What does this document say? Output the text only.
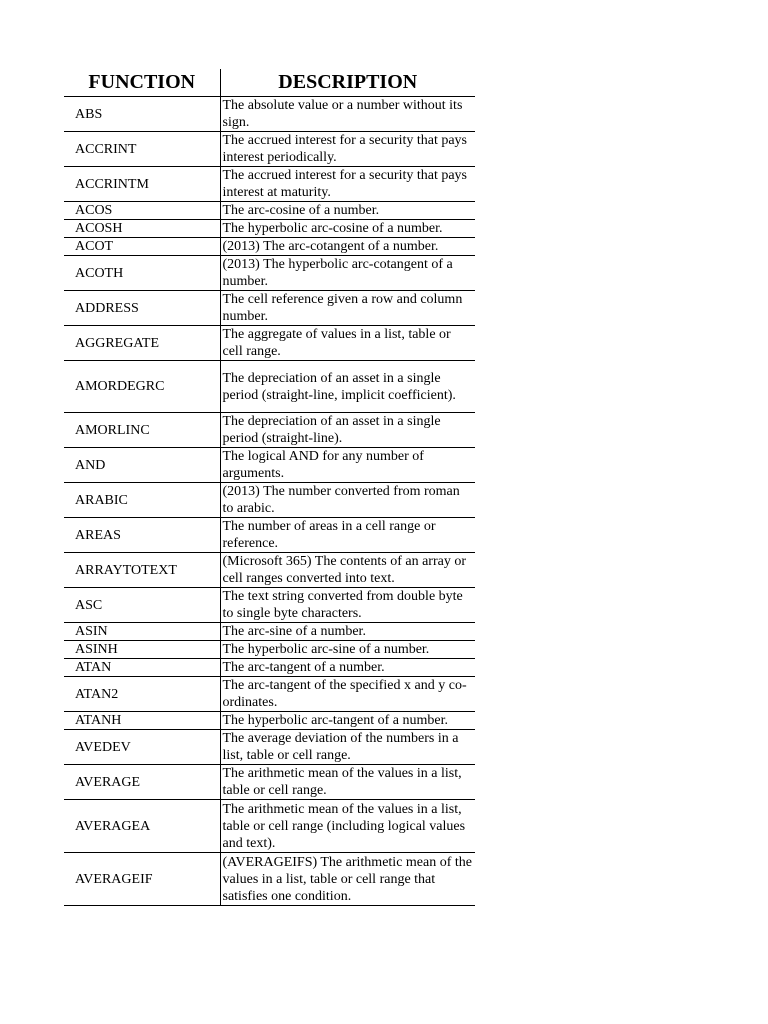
FUNCTION	DESCRIPTION
ABS	The absolute value or a number without its sign.
ACCRINT	The accrued interest for a security that pays interest periodically.
ACCRINTM	The accrued interest for a security that pays interest at maturity.
ACOS	The arc-cosine of a number.
ACOSH	The hyperbolic arc-cosine of a number.
ACOT	(2013) The arc-cotangent of a number.
ACOTH	(2013) The hyperbolic arc-cotangent of a number.
ADDRESS	The cell reference given a row and column number.
AGGREGATE	The aggregate of values in a list, table or cell range.
AMORDEGRC	The depreciation of an asset in a single period (straight-line, implicit coefficient).
AMORLINC	The depreciation of an asset in a single period (straight-line).
AND	The logical AND for any number of arguments.
ARABIC	(2013) The number converted from roman to arabic.
AREAS	The number of areas in a cell range or reference.
ARRAYTOTEXT	(Microsoft 365) The contents of an array or cell ranges converted into text.
ASC	The text string converted from double byte to single byte characters.
ASIN	The arc-sine of a number.
ASINH	The hyperbolic arc-sine of a number.
ATAN	The arc-tangent of a number.
ATAN2	The arc-tangent of the specified x and y co-ordinates.
ATANH	The hyperbolic arc-tangent of a number.
AVEDEV	The average deviation of the numbers in a list, table or cell range.
AVERAGE	The arithmetic mean of the values in a list, table or cell range.
AVERAGEA	The arithmetic mean of the values in a list, table or cell range (including logical values and text).
AVERAGEIF	(AVERAGEIFS) The arithmetic mean of the values in a list, table or cell range that satisfies one condition.
